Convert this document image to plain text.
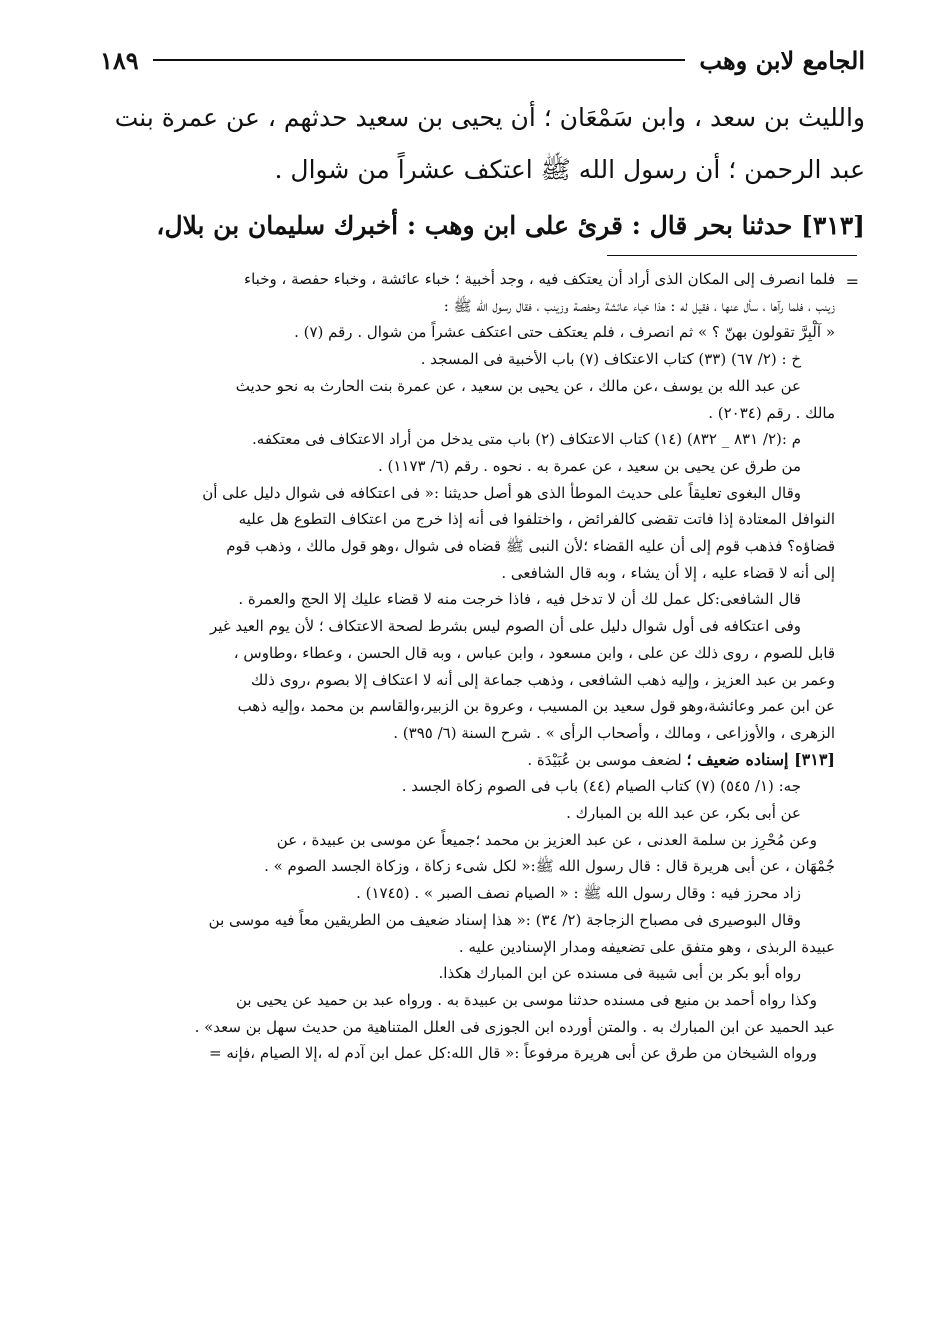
الجامع لابن وهب
١٨٩

والليث بن سعد ، وابن سَمْعَان ؛ أن يحيى بن سعيد حدثهم ، عن عمرة بنت

عبد الرحمن ؛ أن رسول الله ﷺ اعتكف عشراً من شوال .

[٣١٣] حدثنا بحر قال : قرئ على ابن وهب : أخبرك سليمان بن بلال،

=

فلما انصرف إلى المكان الذى أراد أن يعتكف فيه ، وجد أخبية ؛ خباء عائشة ، وخباء حفصة ، وخباء

زينب ، فلما رآها ، سأل عنها ، فقيل له : هذا خباء عائشة وحفصة وزينب ، فقال رسول الله ﷺ :

« آلْبِرَّ تقولون بهنّ ؟ » ثم انصرف ، فلم يعتكف حتى اعتكف عشراً من شوال . رقم (٧) .

خ : (٢/ ٦٧) (٣٣) كتاب الاعتكاف (٧) باب الأخبية فى المسجد .

عن عبد الله بن يوسف ،عن مالك ، عن يحيى بن سعيد ، عن عمرة بنت الحارث به نحو حديث

مالك . رقم (٢٠٣٤) .

م :(٢/ ٨٣١ _ ٨٣٢) (١٤) كتاب الاعتكاف (٢) باب متى يدخل من أراد الاعتكاف فى معتكفه.

من طرق عن يحيى بن سعيد ، عن عمرة به . نحوه . رقم (٦/ ١١٧٣) .

وقال البغوى تعليقاً على حديث الموطأ الذى هو أصل حديثنا :« فى اعتكافه فى شوال دليل على أن

النوافل المعتادة إذا فاتت تقضى كالفرائض ، واختلفوا فى أنه إذا خرج من اعتكاف التطوع هل عليه

قضاؤه؟ فذهب قوم إلى أن عليه القضاء ؛لأن النبى ﷺ قضاه فى شوال ،وهو قول مالك ، وذهب قوم

إلى أنه لا قضاء عليه ، إلا أن يشاء ، وبه قال الشافعى .

قال الشافعى:كل عمل لك أن لا تدخل فيه ، فاذا خرجت منه لا قضاء عليك إلا الحج والعمرة .

وفى اعتكافه فى أول شوال دليل على أن الصوم ليس بشرط لصحة الاعتكاف ؛ لأن يوم العيد غير

قابل للصوم ، روى ذلك عن على ، وابن مسعود ، وابن عباس ، وبه قال الحسن ، وعطاء ،وطاوس ،

وعمر بن عبد العزيز ، وإليه ذهب الشافعى ، وذهب جماعة إلى أنه لا اعتكاف إلا بصوم ،روى ذلك

عن ابن عمر وعائشة،وهو قول سعيد بن المسيب ، وعروة بن الزبير،والقاسم بن محمد ،وإليه ذهب

الزهرى ، والأوزاعى ، ومالك ، وأصحاب الرأى » . شرح السنة (٦/ ٣٩٥) .

[٣١٣] إسناده ضعيف ؛ لضعف موسى بن عُبَيْدَة .

جه: (١/ ٥٤٥) (٧) كتاب الصيام (٤٤) باب فى الصوم زكاة الجسد .

عن أبى بكر، عن عبد الله بن المبارك .

وعن مُحْرِز بن سلمة العدنى ، عن عبد العزيز بن محمد ؛جميعاً عن موسى بن عبيدة ، عن

جُمْهَان ، عن أبى هريرة قال : قال رسول الله ﷺ:« لكل شىء زكاة ، وزكاة الجسد الصوم » .

زاد محرز فيه : وقال رسول الله ﷺ : « الصيام نصف الصبر » . (١٧٤٥) .

وقال البوصيرى فى مصباح الزجاجة (٢/ ٣٤) :« هذا إسناد ضعيف من الطريقين معاً فيه موسى بن

عبيدة الربذى ، وهو متفق على تضعيفه ومدار الإسنادين عليه .

رواه أبو بكر بن أبى شيبة فى مسنده عن ابن المبارك هكذا.

وكذا رواه أحمد بن منيع فى مسنده حدثنا موسى بن عبيدة به . ورواه عبد بن حميد عن يحيى بن

عبد الحميد عن ابن المبارك به . والمتن أورده ابن الجوزى فى العلل المتناهية من حديث سهل بن سعد» .

ورواه الشيخان من طرق عن أبى هريرة مرفوعاً :« قال الله:كل عمل ابن آدم له ،إلا الصيام ،فإنه =
